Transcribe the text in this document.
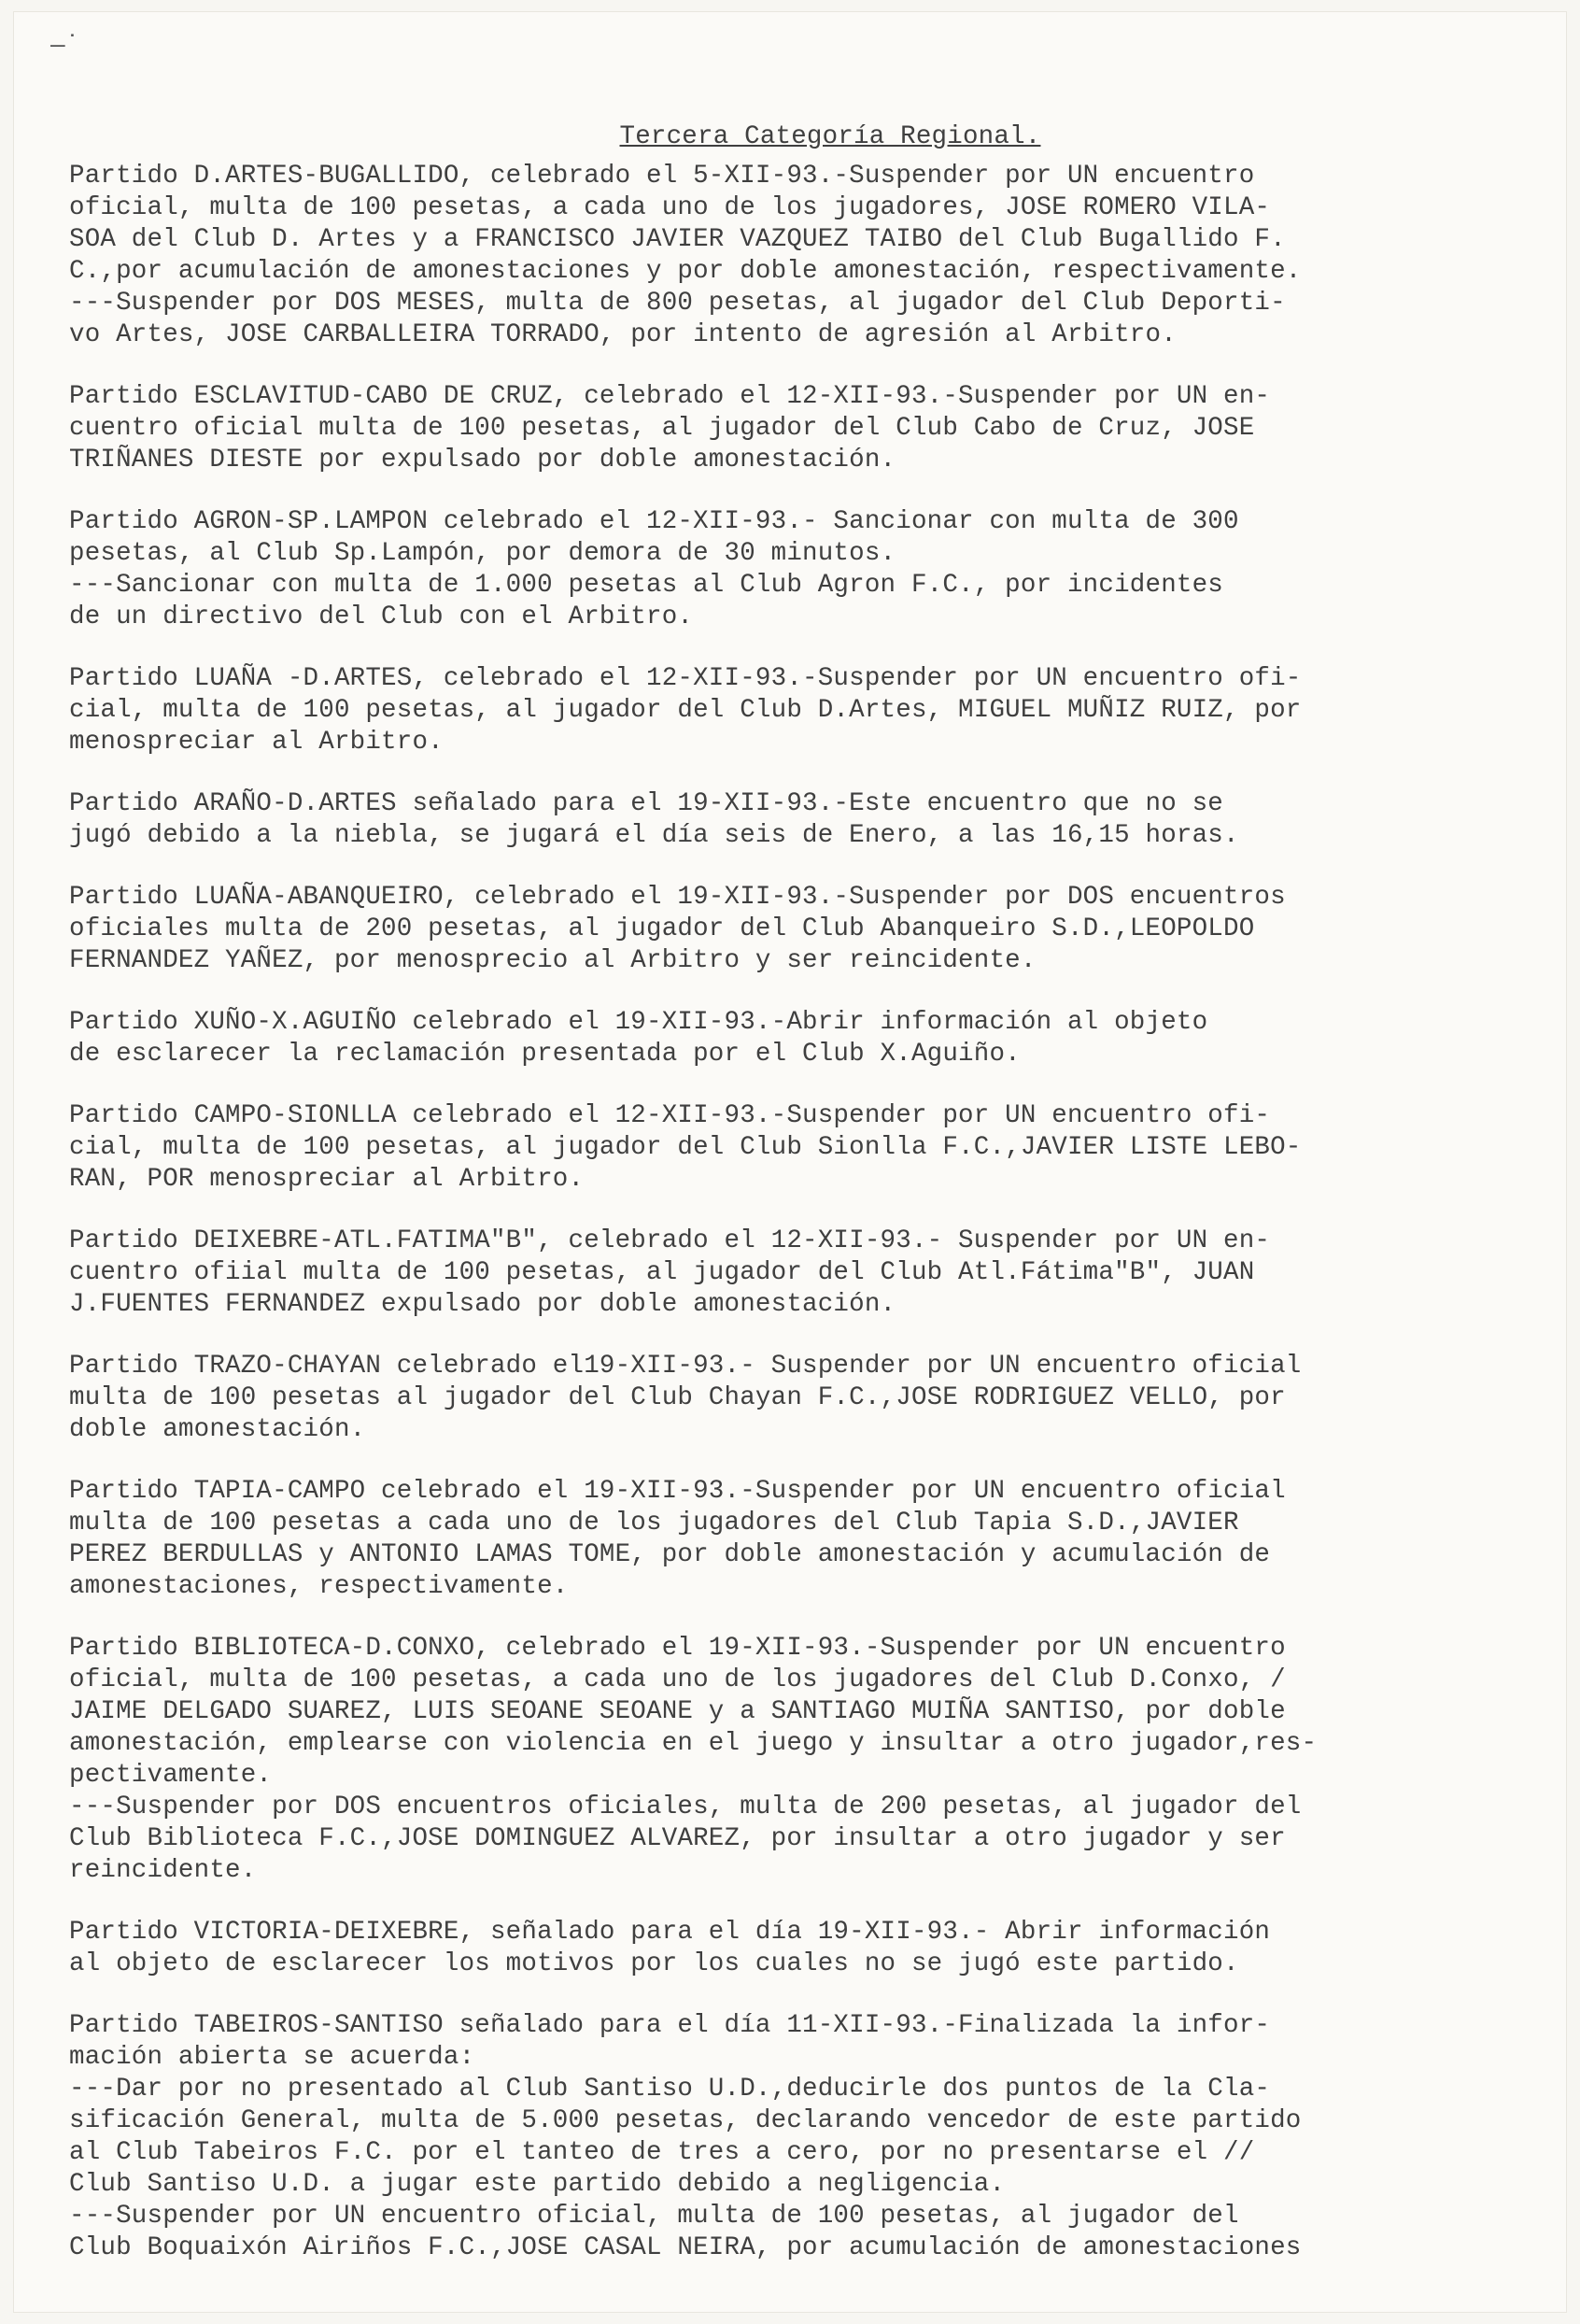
–˙
Tercera Categoría Regional.
Partido D.ARTES-BUGALLIDO, celebrado el 5-XII-93.-Suspender por UN encuentro
oficial, multa de 100 pesetas, a cada uno de los jugadores, JOSE ROMERO VILA-
SOA del Club D. Artes y a FRANCISCO JAVIER VAZQUEZ TAIBO del Club Bugallido F.
C.,por acumulación de amonestaciones y por doble amonestación, respectivamente.
---Suspender por DOS MESES, multa de 800 pesetas, al jugador del Club Deporti-
vo Artes, JOSE CARBALLEIRA TORRADO, por intento de agresión al Arbitro.
Partido ESCLAVITUD-CABO DE CRUZ, celebrado el 12-XII-93.-Suspender por UN en-
cuentro oficial multa de 100 pesetas, al jugador del Club Cabo de Cruz, JOSE
TRIÑANES DIESTE por expulsado por doble amonestación.
Partido AGRON-SP.LAMPON celebrado el 12-XII-93.- Sancionar con multa de 300
pesetas, al Club Sp.Lampón, por demora de 30 minutos.
---Sancionar con multa de 1.000 pesetas al Club Agron F.C., por incidentes
de un directivo del Club con el Arbitro.
Partido LUAÑA -D.ARTES, celebrado el 12-XII-93.-Suspender por UN encuentro ofi-
cial, multa de 100 pesetas, al jugador del Club D.Artes, MIGUEL MUÑIZ RUIZ, por
menospreciar al Arbitro.
Partido ARAÑO-D.ARTES señalado para el 19-XII-93.-Este encuentro que no se
jugó debido a la niebla, se jugará el día seis de Enero, a las 16,15 horas.
Partido LUAÑA-ABANQUEIRO, celebrado el 19-XII-93.-Suspender por DOS encuentros
oficiales multa de 200 pesetas, al jugador del Club Abanqueiro S.D.,LEOPOLDO
FERNANDEZ YAÑEZ, por menosprecio al Arbitro y ser reincidente.
Partido XUÑO-X.AGUIÑO celebrado el 19-XII-93.-Abrir información al objeto
de esclarecer la reclamación presentada por el Club X.Aguiño.
Partido CAMPO-SIONLLA celebrado el 12-XII-93.-Suspender por UN encuentro ofi-
cial, multa de 100 pesetas, al jugador del Club Sionlla F.C.,JAVIER LISTE LEBO-
RAN, POR menospreciar al Arbitro.
Partido DEIXEBRE-ATL.FATIMA"B", celebrado el 12-XII-93.- Suspender por UN en-
cuentro ofiial multa de 100 pesetas, al jugador del Club Atl.Fátima"B", JUAN
J.FUENTES FERNANDEZ expulsado por doble amonestación.
Partido TRAZO-CHAYAN celebrado el19-XII-93.- Suspender por UN encuentro oficial
multa de 100 pesetas al jugador del Club Chayan F.C.,JOSE RODRIGUEZ VELLO, por
doble amonestación.
Partido TAPIA-CAMPO celebrado el 19-XII-93.-Suspender por UN encuentro oficial
multa de 100 pesetas a cada uno de los jugadores del Club Tapia S.D.,JAVIER
PEREZ BERDULLAS y ANTONIO LAMAS TOME, por doble amonestación y acumulación de
amonestaciones, respectivamente.
Partido BIBLIOTECA-D.CONXO, celebrado el 19-XII-93.-Suspender por UN encuentro
oficial, multa de 100 pesetas, a cada uno de los jugadores del Club D.Conxo, /
JAIME DELGADO SUAREZ, LUIS SEOANE SEOANE y a SANTIAGO MUIÑA SANTISO, por doble
amonestación, emplearse con violencia en el juego y insultar a otro jugador,res-
pectivamente.
---Suspender por DOS encuentros oficiales, multa de 200 pesetas, al jugador del
Club Biblioteca F.C.,JOSE DOMINGUEZ ALVAREZ, por insultar a otro jugador y ser
reincidente.
Partido VICTORIA-DEIXEBRE, señalado para el día 19-XII-93.- Abrir información
al objeto de esclarecer los motivos por los cuales no se jugó este partido.
Partido TABEIROS-SANTISO señalado para el día 11-XII-93.-Finalizada la infor-
mación abierta se acuerda:
---Dar por no presentado al Club Santiso U.D.,deducirle dos puntos de la Cla-
sificación General, multa de 5.000 pesetas, declarando vencedor de este partido
al Club Tabeiros F.C. por el tanteo de tres a cero, por no presentarse el //
Club Santiso U.D. a jugar este partido debido a negligencia.
---Suspender por UN encuentro oficial, multa de 100 pesetas, al jugador del
Club Boquaixón Airiños F.C.,JOSE CASAL NEIRA, por acumulación de amonestaciones
